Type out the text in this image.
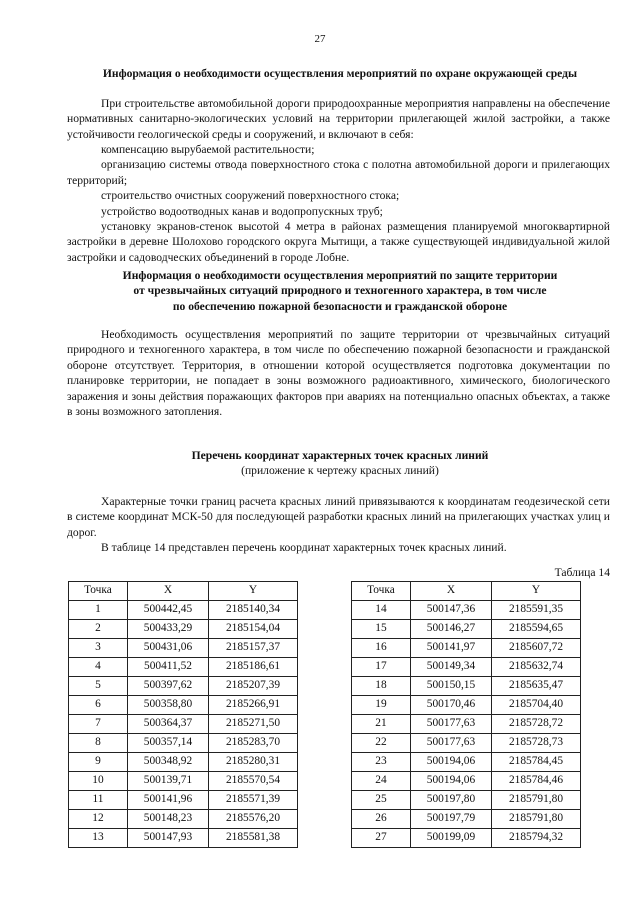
27
Информация о необходимости осуществления мероприятий по охране окружающей среды
При строительстве автомобильной дороги природоохранные мероприятия направлены на обеспечение нормативных санитарно-экологических условий на территории прилегающей жилой застройки, а также устойчивости геологической среды и сооружений, и включают в себя:
компенсацию вырубаемой растительности;
организацию системы отвода поверхностного стока с полотна автомобильной дороги и прилегающих территорий;
строительство очистных сооружений поверхностного стока;
устройство водоотводных канав и водопропускных труб;
установку экранов-стенок высотой 4 метра в районах размещения планируемой многоквартирной застройки в деревне Шолохово городского округа Мытищи, а также существующей индивидуальной жилой застройки и садоводческих объединений в городе Лобне.
Информация о необходимости осуществления мероприятий по защите территории
от чрезвычайных ситуаций природного и техногенного характера, в том числе
по обеспечению пожарной безопасности и гражданской обороне
Необходимость осуществления мероприятий по защите территории от чрезвычайных ситуаций природного и техногенного характера, в том числе по обеспечению пожарной безопасности и гражданской обороне отсутствует. Территория, в отношении которой осуществляется подготовка документации по планировке территории, не попадает в зоны возможного радиоактивного, химического, биологического заражения и зоны действия поражающих факторов при авариях на потенциально опасных объектах, а также в зоны возможного затопления.
Перечень координат характерных точек красных линий
(приложение к чертежу красных линий)
Характерные точки границ расчета красных линий привязываются к координатам геодезической сети в системе координат МСК-50 для последующей разработки красных линий на прилегающих участках улиц и дорог.
В таблице 14 представлен перечень координат характерных точек красных линий.
Таблица 14
Точка	X	Y
1	500442,45	2185140,34
2	500433,29	2185154,04
3	500431,06	2185157,37
4	500411,52	2185186,61
5	500397,62	2185207,39
6	500358,80	2185266,91
7	500364,37	2185271,50
8	500357,14	2185283,70
9	500348,92	2185280,31
10	500139,71	2185570,54
11	500141,96	2185571,39
12	500148,23	2185576,20
13	500147,93	2185581,38
Точка	X	Y
14	500147,36	2185591,35
15	500146,27	2185594,65
16	500141,97	2185607,72
17	500149,34	2185632,74
18	500150,15	2185635,47
19	500170,46	2185704,40
21	500177,63	2185728,72
22	500177,63	2185728,73
23	500194,06	2185784,45
24	500194,06	2185784,46
25	500197,80	2185791,80
26	500197,79	2185791,80
27	500199,09	2185794,32
